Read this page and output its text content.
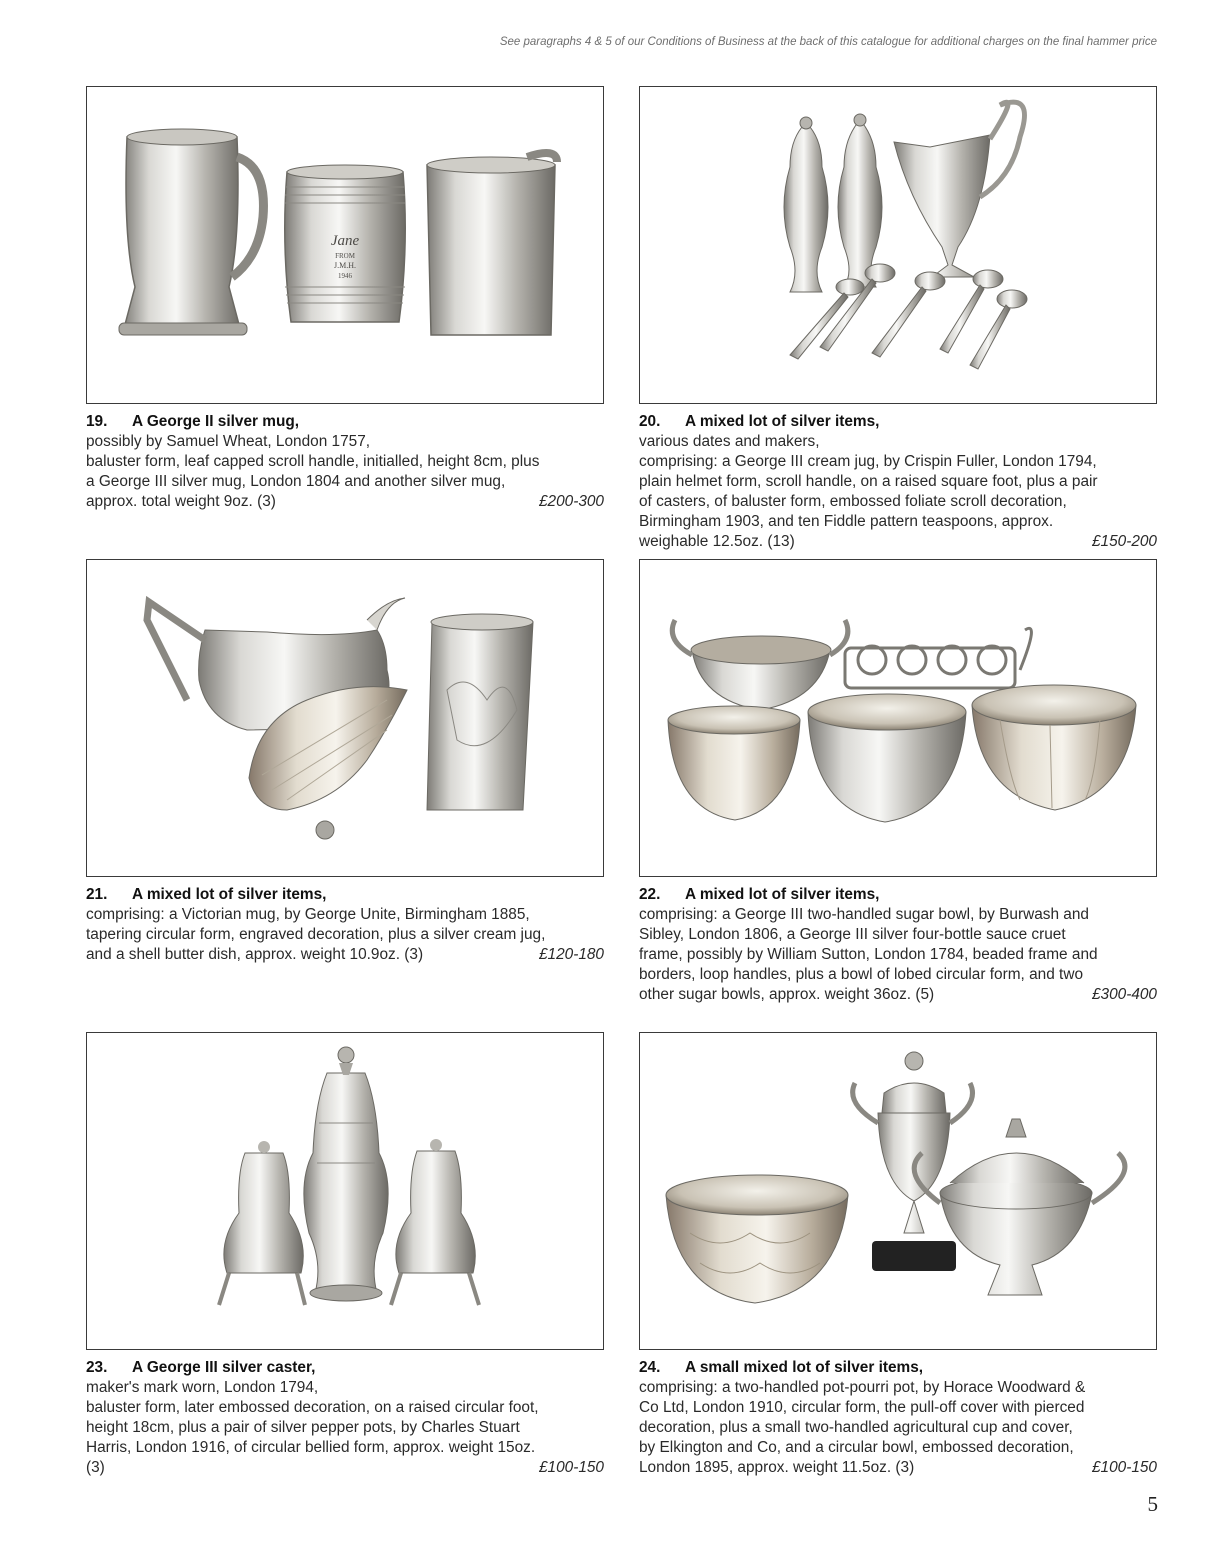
See paragraphs 4 & 5 of our Conditions of Business at the back of this catalogue for additional charges on the final hammer price
Jane
FROM
J.M.H.
1946
19. A George II silver mug,
possibly by Samuel Wheat, London 1757,
baluster form, leaf capped scroll handle, initialled, height 8cm, plus
a George III silver mug, London 1804 and another silver mug,
approx. total weight 9oz. (3)	£200-300
20. A mixed lot of silver items,
various dates and makers,
comprising: a George III cream jug, by Crispin Fuller, London 1794,
plain helmet form, scroll handle, on a raised square foot, plus a pair
of casters, of baluster form, embossed foliate scroll decoration,
Birmingham 1903, and ten Fiddle pattern teaspoons, approx.
weighable 12.5oz. (13)	£150-200
21. A mixed lot of silver items,
comprising: a Victorian mug, by George Unite, Birmingham 1885,
tapering circular form, engraved decoration, plus a silver cream jug,
and a shell butter dish, approx. weight 10.9oz. (3)	£120-180
22. A mixed lot of silver items,
comprising: a George III two-handled sugar bowl, by Burwash and
Sibley, London 1806, a George III silver four-bottle sauce cruet
frame, possibly by William Sutton, London 1784, beaded frame and
borders, loop handles, plus a bowl of lobed circular form, and two
other sugar bowls, approx. weight 36oz. (5)	£300-400
23. A George III silver caster,
maker's mark worn, London 1794,
baluster form, later embossed decoration, on a raised circular foot,
height 18cm, plus a pair of silver pepper pots, by Charles Stuart
Harris, London 1916, of circular bellied form, approx. weight 15oz.
(3)	£100-150
24. A small mixed lot of silver items,
comprising: a two-handled pot-pourri pot, by Horace Woodward &
Co Ltd, London 1910, circular form, the pull-off cover with pierced
decoration, plus a small two-handled agricultural cup and cover,
by Elkington and Co, and a circular bowl, embossed decoration,
London 1895, approx. weight 11.5oz. (3)	£100-150
5
